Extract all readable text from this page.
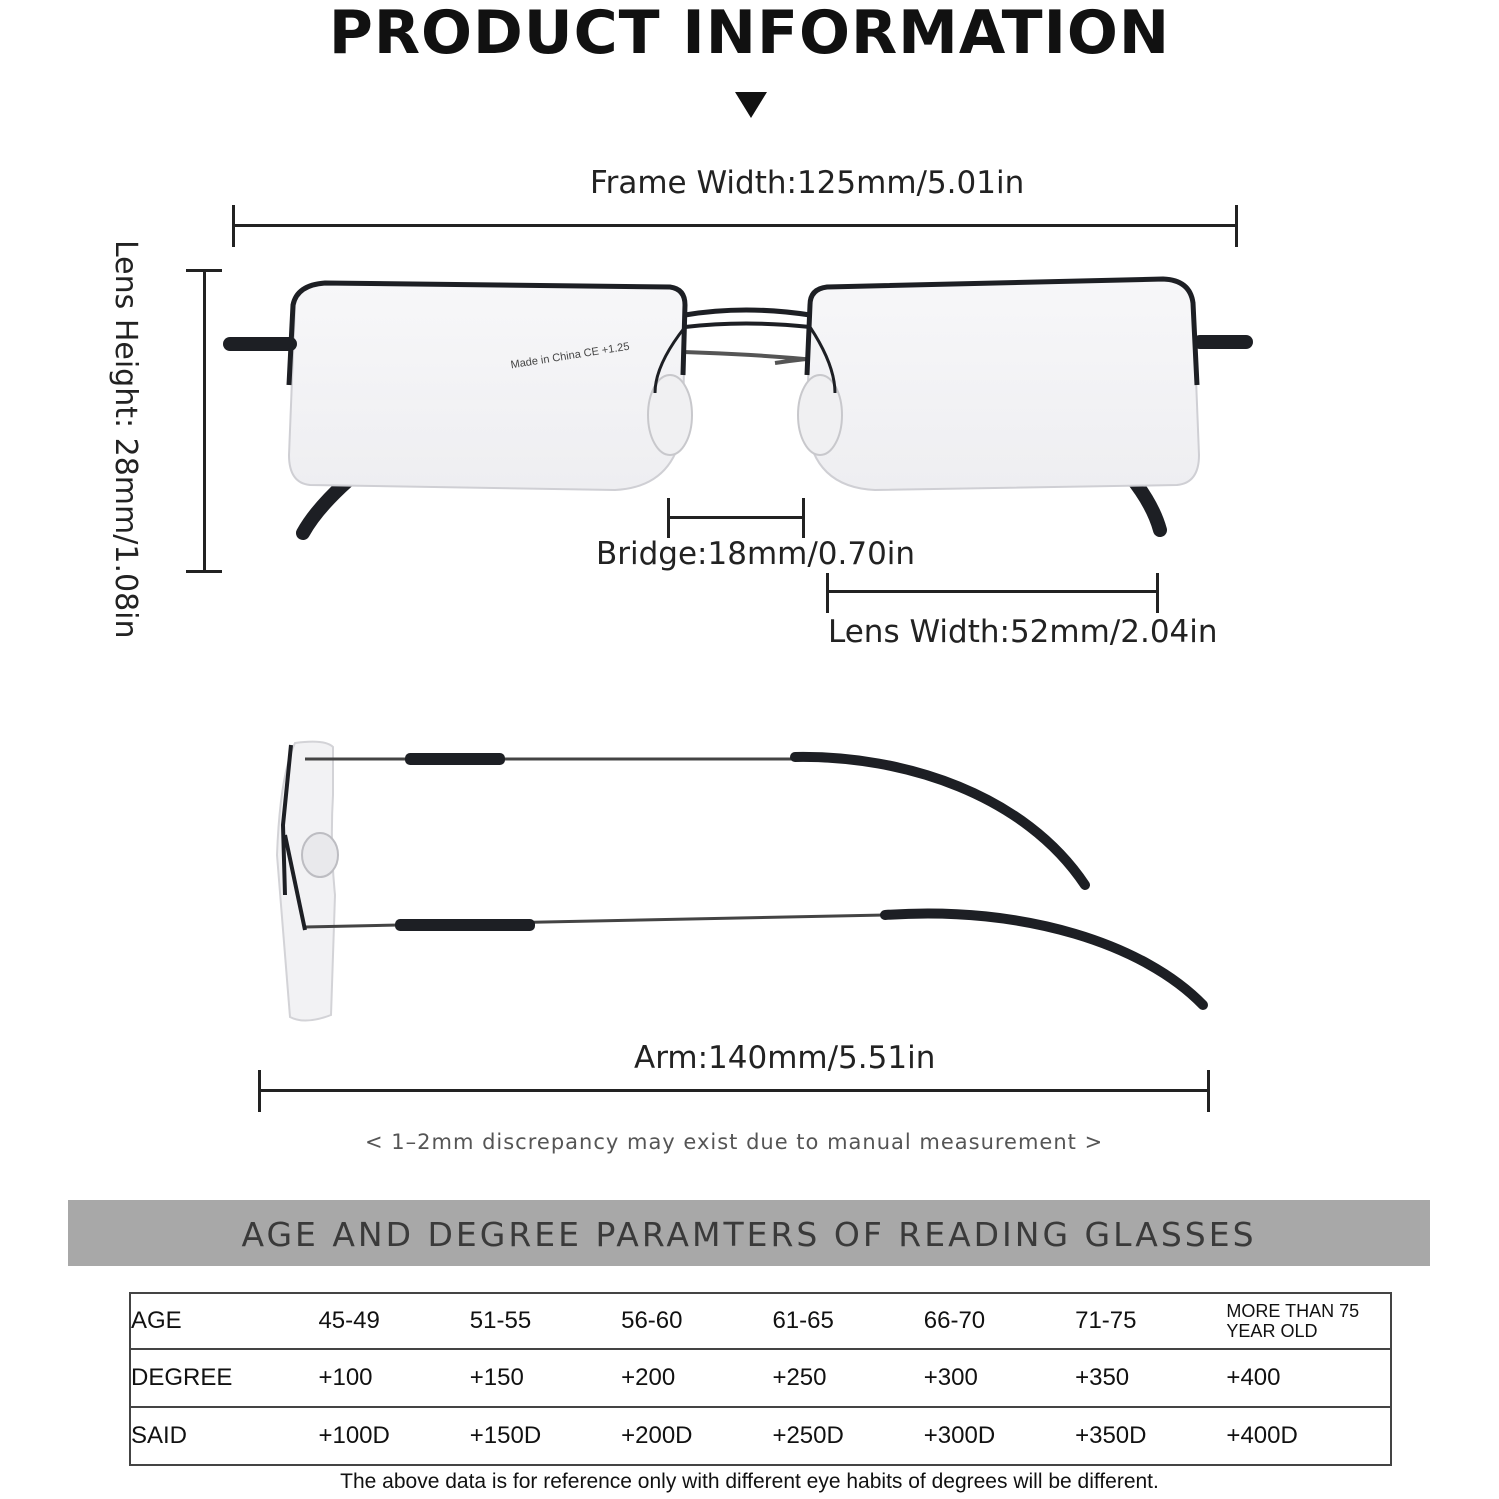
PRODUCT INFORMATION
Frame Width:125mm/5.01in
Lens Height: 28mm/1.08in	Made in China CE +1.25
Bridge:18mm/0.70in
Lens Width:52mm/2.04in
Arm:140mm/5.51in
< 1–2mm discrepancy may exist due to manual measurement >
AGE AND DEGREE PARAMTERS OF READING GLASSES
AGE	45-49	51-55	56-60	61-65	66-70	71-75	MORE THAN 75 YEAR OLD
DEGREE	+100	+150	+200	+250	+300	+350	+400
SAID	+100D	+150D	+200D	+250D	+300D	+350D	+400D
The above data is for reference only with different eye habits of degrees will be different.
